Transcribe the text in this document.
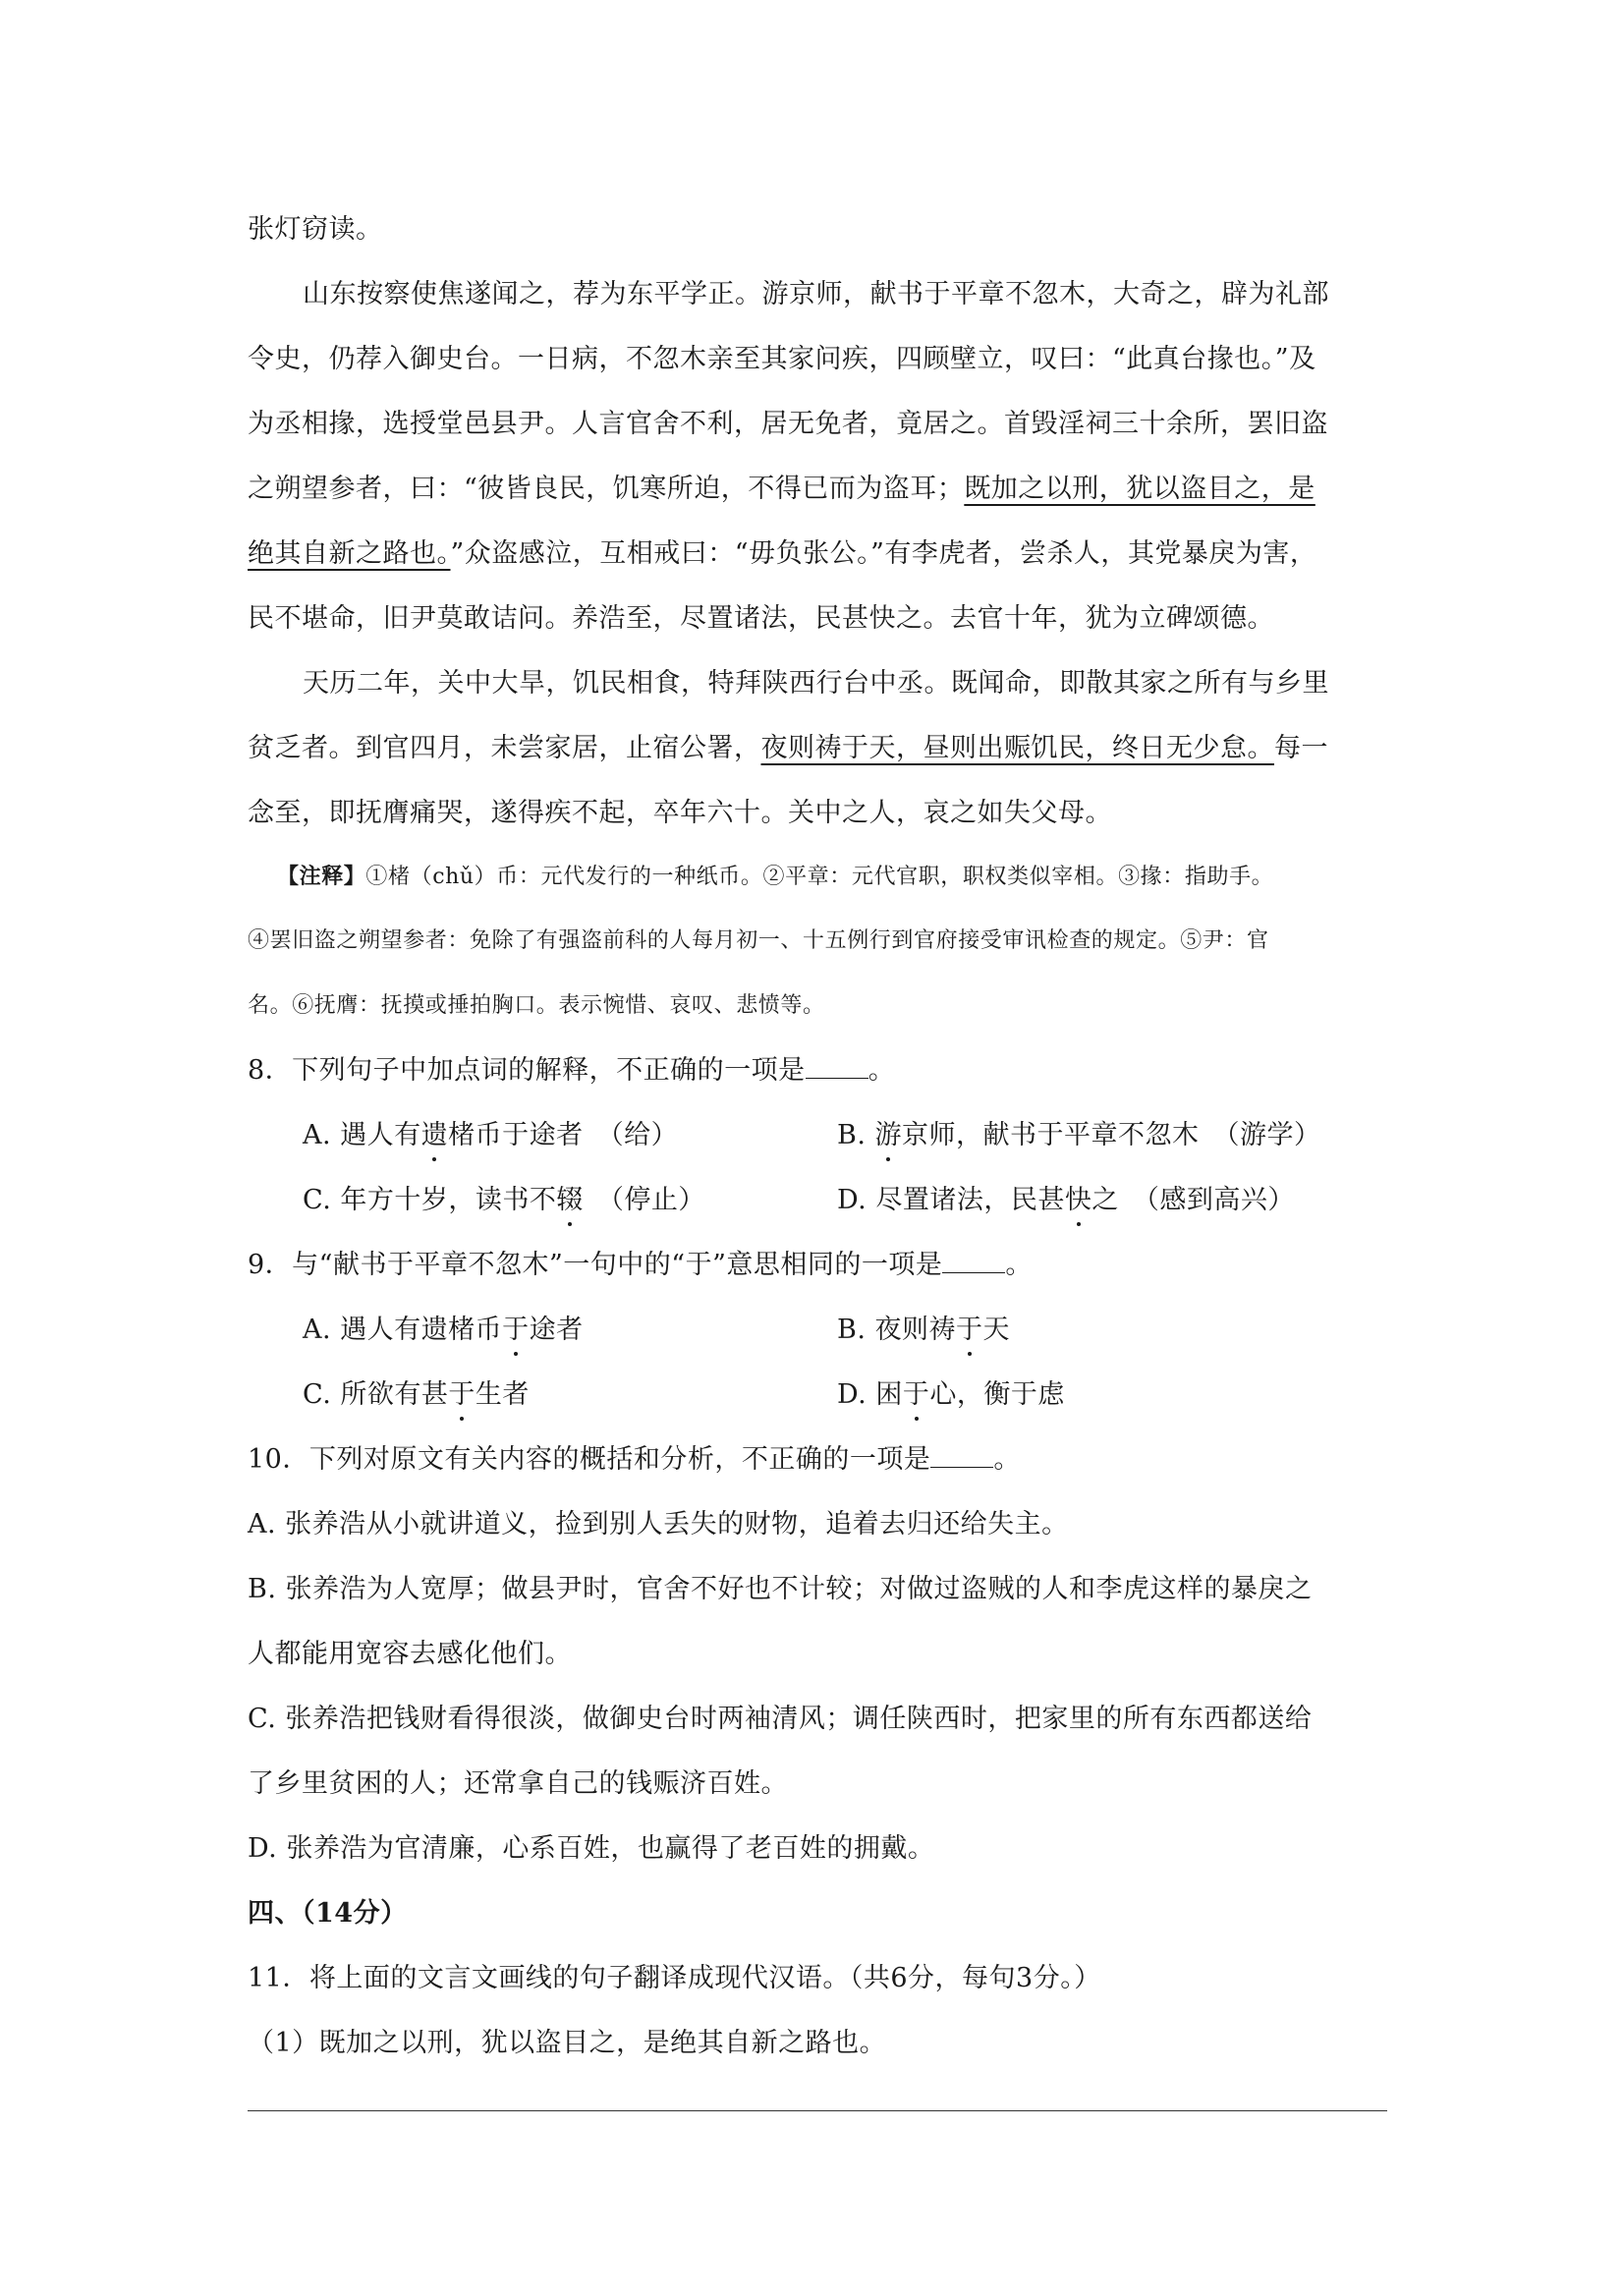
张灯窃读。
山东按察使焦遂闻之，荐为东平学正。游京师，献书于平章不忽木，大奇之，辟为礼部
令史，仍荐入御史台。一日病，不忽木亲至其家问疾，四顾壁立，叹曰：“此真台掾也。”及
为丞相掾，选授堂邑县尹。人言官舍不利，居无免者，竟居之。首毁淫祠三十余所，罢旧盗
之朔望参者，曰：“彼皆良民，饥寒所迫，不得已而为盗耳；既加之以刑，犹以盗目之，是
绝其自新之路也。”众盗感泣，互相戒曰：“毋负张公。”有李虎者，尝杀人，其党暴戾为害，
民不堪命，旧尹莫敢诘问。养浩至，尽置诸法，民甚快之。去官十年，犹为立碑颂德。
天历二年，关中大旱，饥民相食，特拜陕西行台中丞。既闻命，即散其家之所有与乡里
贫乏者。到官四月，未尝家居，止宿公署，夜则祷于天，昼则出赈饥民，终日无少怠。每一
念至，即抚膺痛哭，遂得疾不起，卒年六十。关中之人，哀之如失父母。
【注释】①楮（chǔ）币：元代发行的一种纸币。②平章：元代官职，职权类似宰相。③掾：指助手。
④罢旧盗之朔望参者：免除了有强盗前科的人每月初一、十五例行到官府接受审讯检查的规定。⑤尹：官
名。⑥抚膺：抚摸或捶拍胸口。表示惋惜、哀叹、悲愤等。
8．下列句子中加点词的解释，不正确的一项是 。
A. 遇人有遗楮币于途者　（给）	B. 游京师，献书于平章不忽木　（游学）
C. 年方十岁，读书不辍　（停止）	D. 尽置诸法，民甚快之　（感到高兴）
9．与“献书于平章不忽木”一句中的“于”意思相同的一项是 。
A. 遇人有遗楮币于途者	B. 夜则祷于天
C. 所欲有甚于生者	D. 困于心，衡于虑
10．下列对原文有关内容的概括和分析，不正确的一项是 。
A. 张养浩从小就讲道义，捡到别人丢失的财物，追着去归还给失主。
B. 张养浩为人宽厚；做县尹时，官舍不好也不计较；对做过盗贼的人和李虎这样的暴戾之
人都能用宽容去感化他们。
C. 张养浩把钱财看得很淡，做御史台时两袖清风；调任陕西时，把家里的所有东西都送给
了乡里贫困的人；还常拿自己的钱赈济百姓。
D. 张养浩为官清廉，心系百姓，也赢得了老百姓的拥戴。
四、（14分）
11．将上面的文言文画线的句子翻译成现代汉语。（共6分，每句3分。）
（1）既加之以刑，犹以盗目之，是绝其自新之路也。
